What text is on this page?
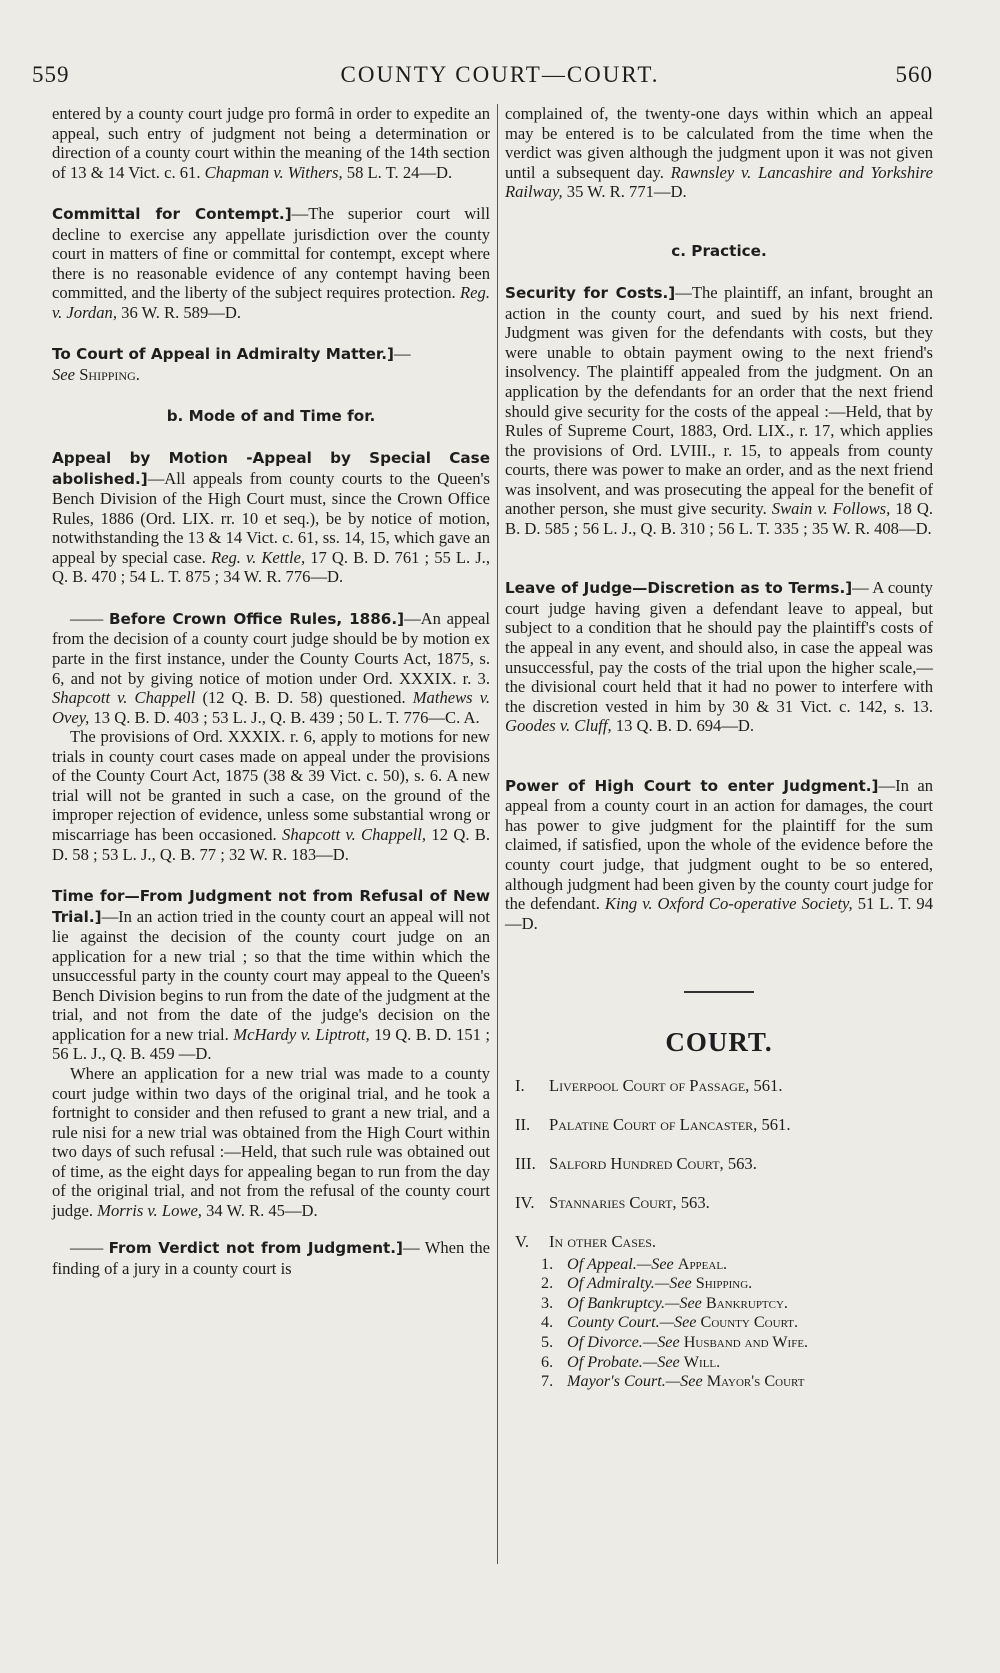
559	COUNTY COURT—COURT.	560

entered by a county court judge pro formâ in order to expedite an appeal, such entry of judgment not being a determination or direction of a county court within the meaning of the 14th section of 13 & 14 Vict. c. 61. Chapman v. Withers, 58 L. T. 24—D.

Committal for Contempt.]—The superior court will decline to exercise any appellate jurisdiction over the county court in matters of fine or committal for contempt, except where there is no reasonable evidence of any contempt having been committed, and the liberty of the subject requires protection. Reg. v. Jordan, 36 W. R. 589—D.

To Court of Appeal in Admiralty Matter.]—
See Shipping.

b. Mode of and Time for.

Appeal by Motion -Appeal by Special Case abolished.]—All appeals from county courts to the Queen's Bench Division of the High Court must, since the Crown Office Rules, 1886 (Ord. LIX. rr. 10 et seq.), be by notice of motion, notwithstanding the 13 & 14 Vict. c. 61, ss. 14, 15, which gave an appeal by special case. Reg. v. Kettle, 17 Q. B. D. 761 ; 55 L. J., Q. B. 470 ; 54 L. T. 875 ; 34 W. R. 776—D.

—— Before Crown Office Rules, 1886.]—An appeal from the decision of a county court judge should be by motion ex parte in the first instance, under the County Courts Act, 1875, s. 6, and not by giving notice of motion under Ord. XXXIX. r. 3. Shapcott v. Chappell (12 Q. B. D. 58) questioned. Mathews v. Ovey, 13 Q. B. D. 403 ; 53 L. J., Q. B. 439 ; 50 L. T. 776—C. A.

The provisions of Ord. XXXIX. r. 6, apply to motions for new trials in county court cases made on appeal under the provisions of the County Court Act, 1875 (38 & 39 Vict. c. 50), s. 6. A new trial will not be granted in such a case, on the ground of the improper rejection of evidence, unless some substantial wrong or miscarriage has been occasioned. Shapcott v. Chappell, 12 Q. B. D. 58 ; 53 L. J., Q. B. 77 ; 32 W. R. 183—D.

Time for—From Judgment not from Refusal of New Trial.]—In an action tried in the county court an appeal will not lie against the decision of the county court judge on an application for a new trial ; so that the time within which the unsuccessful party in the county court may appeal to the Queen's Bench Division begins to run from the date of the judgment at the trial, and not from the date of the judge's decision on the application for a new trial. McHardy v. Liptrott, 19 Q. B. D. 151 ; 56 L. J., Q. B. 459 —D.

Where an application for a new trial was made to a county court judge within two days of the original trial, and he took a fortnight to consider and then refused to grant a new trial, and a rule nisi for a new trial was obtained from the High Court within two days of such refusal :—Held, that such rule was obtained out of time, as the eight days for appealing began to run from the day of the original trial, and not from the refusal of the county court judge. Morris v. Lowe, 34 W. R. 45—D.

—— From Verdict not from Judgment.]— When the finding of a jury in a county court is

complained of, the twenty-one days within which an appeal may be entered is to be calculated from the time when the verdict was given although the judgment upon it was not given until a subsequent day. Rawnsley v. Lancashire and Yorkshire Railway, 35 W. R. 771—D.

c. Practice.

Security for Costs.]—The plaintiff, an infant, brought an action in the county court, and sued by his next friend. Judgment was given for the defendants with costs, but they were unable to obtain payment owing to the next friend's insolvency. The plaintiff appealed from the judgment. On an application by the defendants for an order that the next friend should give security for the costs of the appeal :—Held, that by Rules of Supreme Court, 1883, Ord. LIX., r. 17, which applies the provisions of Ord. LVIII., r. 15, to appeals from county courts, there was power to make an order, and as the next friend was insolvent, and was prosecuting the appeal for the benefit of another person, she must give security. Swain v. Follows, 18 Q. B. D. 585 ; 56 L. J., Q. B. 310 ; 56 L. T. 335 ; 35 W. R. 408—D.

Leave of Judge—Discretion as to Terms.]— A county court judge having given a defendant leave to appeal, but subject to a condition that he should pay the plaintiff's costs of the appeal in any event, and should also, in case the appeal was unsuccessful, pay the costs of the trial upon the higher scale,—the divisional court held that it had no power to interfere with the discretion vested in him by 30 & 31 Vict. c. 142, s. 13. Goodes v. Cluff, 13 Q. B. D. 694—D.

Power of High Court to enter Judgment.]—In an appeal from a county court in an action for damages, the court has power to give judgment for the plaintiff for the sum claimed, if satisfied, upon the whole of the evidence before the county court judge, that judgment ought to be so entered, although judgment had been given by the county court judge for the defendant. King v. Oxford Co-operative Society, 51 L. T. 94—D.

COURT.
I. Liverpool Court of Passage, 561.
II. Palatine Court of Lancaster, 561.
III. Salford Hundred Court, 563.
IV. Stannaries Court, 563.
V. In other Cases.
1. Of Appeal.—See Appeal.
2. Of Admiralty.—See Shipping.
3. Of Bankruptcy.—See Bankruptcy.
4. County Court.—See County Court.
5. Of Divorce.—See Husband and Wife.
6. Of Probate.—See Will.
7. Mayor's Court.—See Mayor's Court
